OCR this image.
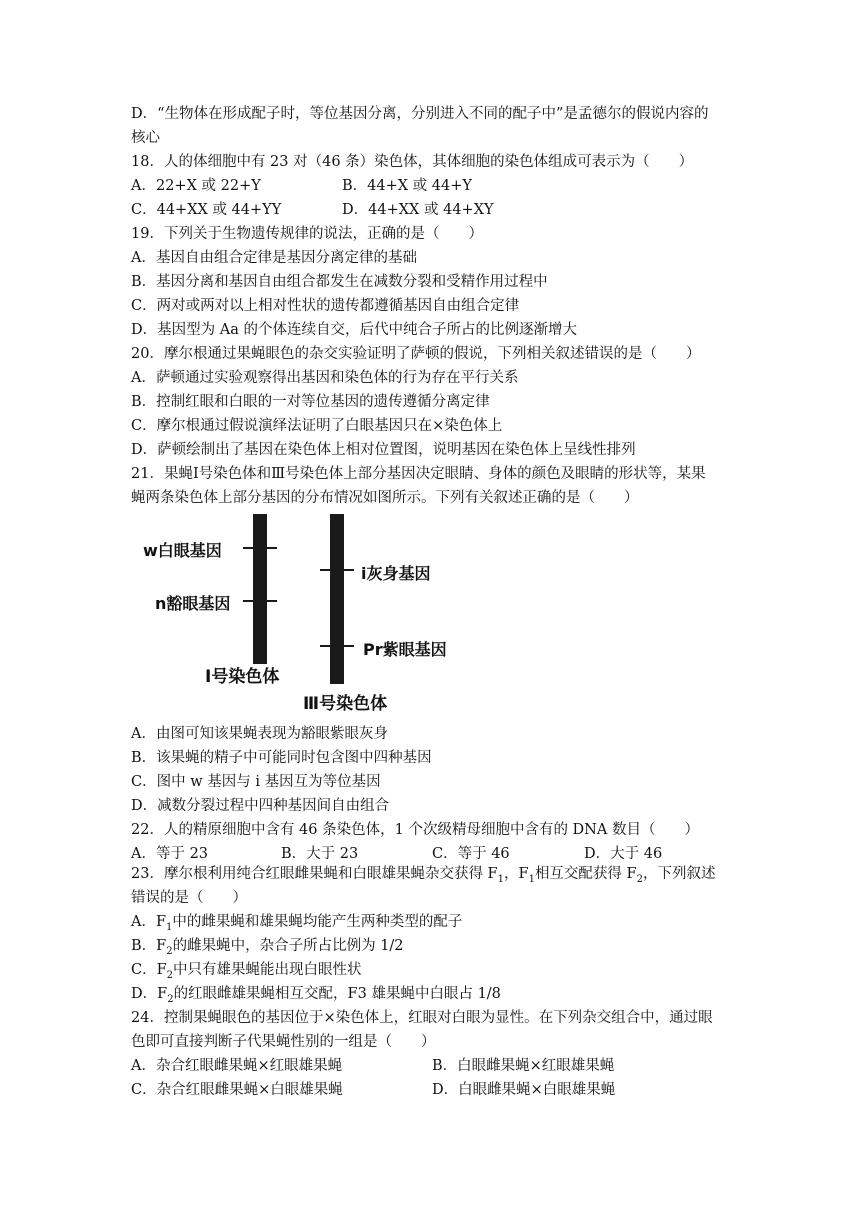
D．“生物体在形成配子时，等位基因分离，分别进入不同的配子中”是孟德尔的假说内容的
核心
18．人的体细胞中有 23 对（46 条）染色体，其体细胞的染色体组成可表示为（　　）
A．22+X 或 22+Y	B．44+X 或 44+Y
C．44+XX 或 44+YY	D．44+XX 或 44+XY
19．下列关于生物遗传规律的说法，正确的是（　　）
A．基因自由组合定律是基因分离定律的基础
B．基因分离和基因自由组合都发生在减数分裂和受精作用过程中
C．两对或两对以上相对性状的遗传都遵循基因自由组合定律
D．基因型为 Aa 的个体连续自交，后代中纯合子所占的比例逐渐增大
20．摩尔根通过果蝇眼色的杂交实验证明了萨顿的假说，下列相关叙述错误的是（　　）
A．萨顿通过实验观察得出基因和染色体的行为存在平行关系
B．控制红眼和白眼的一对等位基因的遗传遵循分离定律
C．摩尔根通过假说演绎法证明了白眼基因只在×染色体上
D．萨顿绘制出了基因在染色体上相对位置图，说明基因在染色体上呈线性排列
21．果蝇Ⅰ号染色体和Ⅲ号染色体上部分基因决定眼睛、身体的颜色及眼睛的形状等，某果
蝇两条染色体上部分基因的分布情况如图所示。下列有关叙述正确的是（　　）
w白眼基因
n豁眼基因
i灰身基因
Pr紫眼基因
Ⅰ号染色体
Ⅲ号染色体
A．由图可知该果蝇表现为豁眼紫眼灰身
B．该果蝇的精子中可能同时包含图中四种基因
C．图中 w 基因与 i 基因互为等位基因
D．减数分裂过程中四种基因间自由组合
22．人的精原细胞中含有 46 条染色体，1 个次级精母细胞中含有的 DNA 数目（　　）
A．等于 23	B．大于 23	C．等于 46	D．大于 46
23．摩尔根利用纯合红眼雌果蝇和白眼雄果蝇杂交获得 $F_1$，$F_1$相互交配获得 $F_2$，下列叙述
错误的是（　　）
A．$F_1$中的雌果蝇和雄果蝇均能产生两种类型的配子
B．$F_2$的雌果蝇中，杂合子所占比例为 1/2
C．$F_2$中只有雄果蝇能出现白眼性状
D．$F_2$的红眼雌雄果蝇相互交配，F3 雄果蝇中白眼占 1/8
24．控制果蝇眼色的基因位于×染色体上，红眼对白眼为显性。在下列杂交组合中，通过眼
色即可直接判断子代果蝇性别的一组是（　　）
A．杂合红眼雌果蝇×红眼雄果蝇	B．白眼雌果蝇×红眼雄果蝇
C．杂合红眼雌果蝇×白眼雄果蝇	D．白眼雌果蝇×白眼雄果蝇
